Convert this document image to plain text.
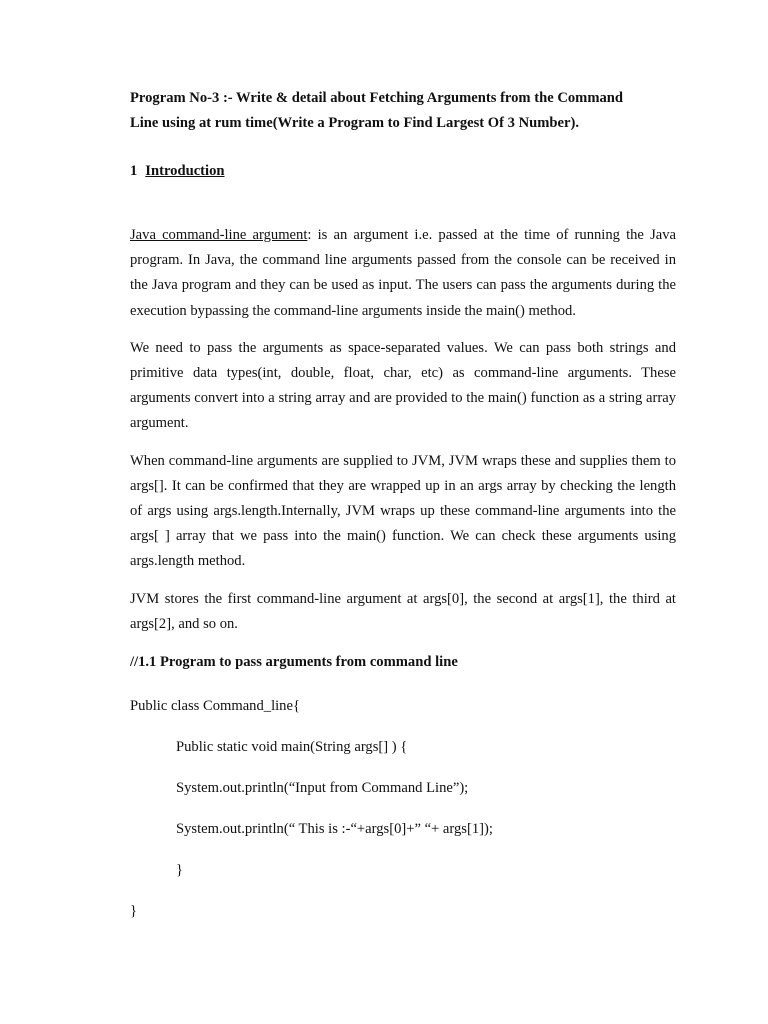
Program No-3 :- Write & detail about Fetching Arguments from the Command
Line using at rum time(Write a Program to Find Largest Of 3 Number).
1 Introduction

Java command-line argument: is an argument i.e. passed at the time of running the Java program. In Java, the command line arguments passed from the console can be received in the Java program and they can be used as input. The users can pass the arguments during the execution bypassing the command-line arguments inside the main() method.

We need to pass the arguments as space-separated values. We can pass both strings and primitive data types(int, double, float, char, etc) as command-line arguments. These arguments convert into a string array and are provided to the main() function as a string array argument.

When command-line arguments are supplied to JVM, JVM wraps these and supplies them to args[]. It can be confirmed that they are wrapped up in an args array by checking the length of args using args.length.Internally, JVM wraps up these command-line arguments into the args[ ] array that we pass into the main() function. We can check these arguments using args.length method.

JVM stores the first command-line argument at args[0], the second at args[1], the third at args[2], and so on.

//1.1 Program to pass arguments from command line
Public class Command_line{
Public static void main(String args[] ) {
System.out.println(“Input from Command Line”);
System.out.println(“ This is :-“+args[0]+” “+ args[1]);
}
}
